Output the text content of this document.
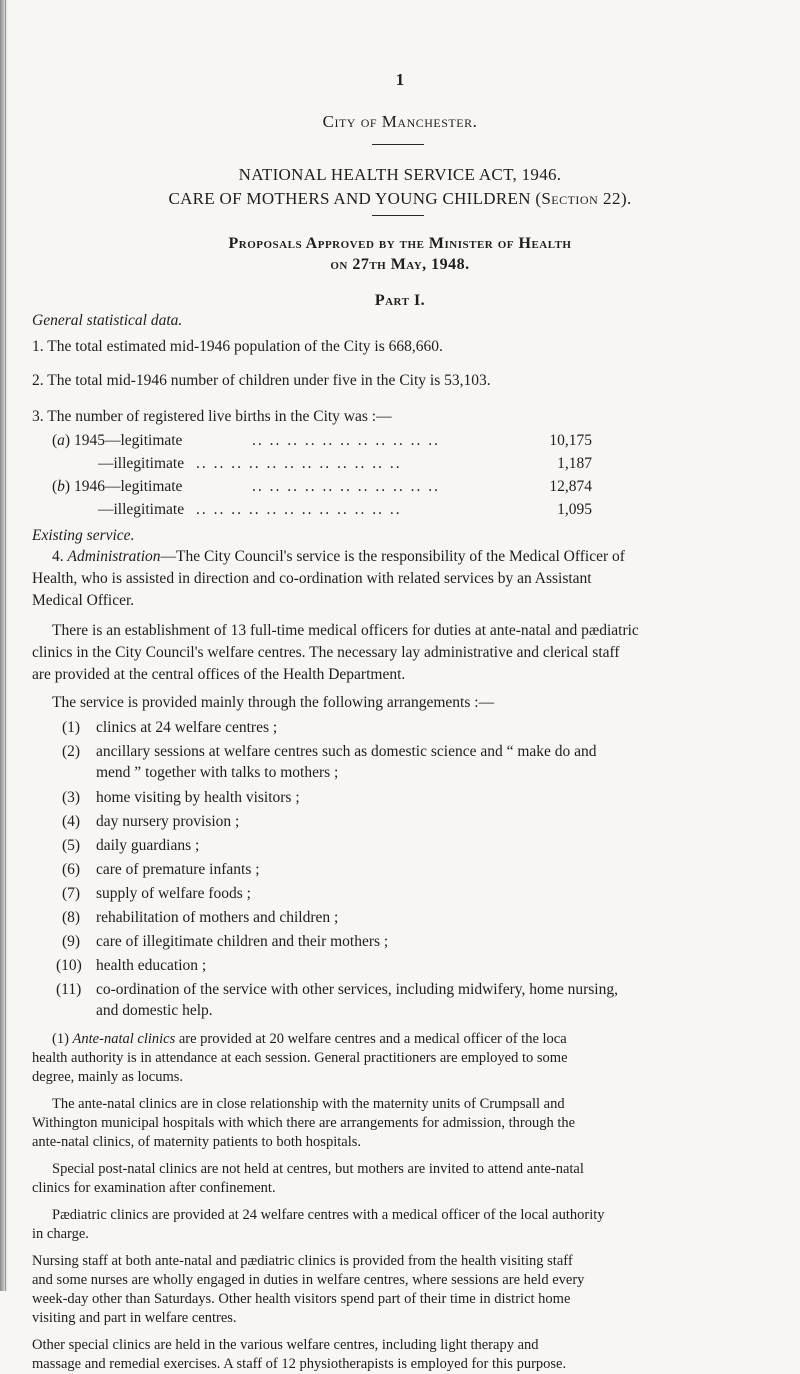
1
City of Manchester.
NATIONAL HEALTH SERVICE ACT, 1946.
CARE OF MOTHERS AND YOUNG CHILDREN (Section 22).
Proposals Approved by the Minister of Health
on 27th May, 1948.
Part I.
General statistical data.
1. The total estimated mid-1946 population of the City is 668,660.
2. The total mid-1946 number of children under five in the City is 53,103.
3. The number of registered live births in the City was :—
(a) 1945—legitimate	.. .. .. .. .. .. .. .. .. .. ..	10,175
—illegitimate .. .. .. .. .. .. .. .. .. .. .. ..	1,187
(b) 1946—legitimate	.. .. .. .. .. .. .. .. .. .. ..	12,874
—illegitimate .. .. .. .. .. .. .. .. .. .. .. ..	1,095
Existing service.
4. Administration—The City Council's service is the responsibility of the Medical Officer of
Health, who is assisted in direction and co-ordination with related services by an Assistant
Medical Officer.
There is an establishment of 13 full-time medical officers for duties at ante-natal and pædiatric
clinics in the City Council's welfare centres. The necessary lay administrative and clerical staff
are provided at the central offices of the Health Department.
The service is provided mainly through the following arrangements :—
(1) clinics at 24 welfare centres ;
(2) ancillary sessions at welfare centres such as domestic science and “ make do and
mend ” together with talks to mothers ;
(3) home visiting by health visitors ;
(4) day nursery provision ;
(5) daily guardians ;
(6) care of premature infants ;
(7) supply of welfare foods ;
(8) rehabilitation of mothers and children ;
(9) care of illegitimate children and their mothers ;
(10) health education ;
(11) co-ordination of the service with other services, including midwifery, home nursing,
and domestic help.
(1) Ante-natal clinics are provided at 20 welfare centres and a medical officer of the loca
health authority is in attendance at each session. General practitioners are employed to some
degree, mainly as locums.
The ante-natal clinics are in close relationship with the maternity units of Crumpsall and
Withington municipal hospitals with which there are arrangements for admission, through the
ante-natal clinics, of maternity patients to both hospitals.
Special post-natal clinics are not held at centres, but mothers are invited to attend ante-natal
clinics for examination after confinement.
Pædiatric clinics are provided at 24 welfare centres with a medical officer of the local authority
in charge.
Nursing staff at both ante-natal and pædiatric clinics is provided from the health visiting staff
and some nurses are wholly engaged in duties in welfare centres, where sessions are held every
week-day other than Saturdays. Other health visitors spend part of their time in district home
visiting and part in welfare centres.
Other special clinics are held in the various welfare centres, including light therapy and
massage and remedial exercises. A staff of 12 physiotherapists is employed for this purpose.
